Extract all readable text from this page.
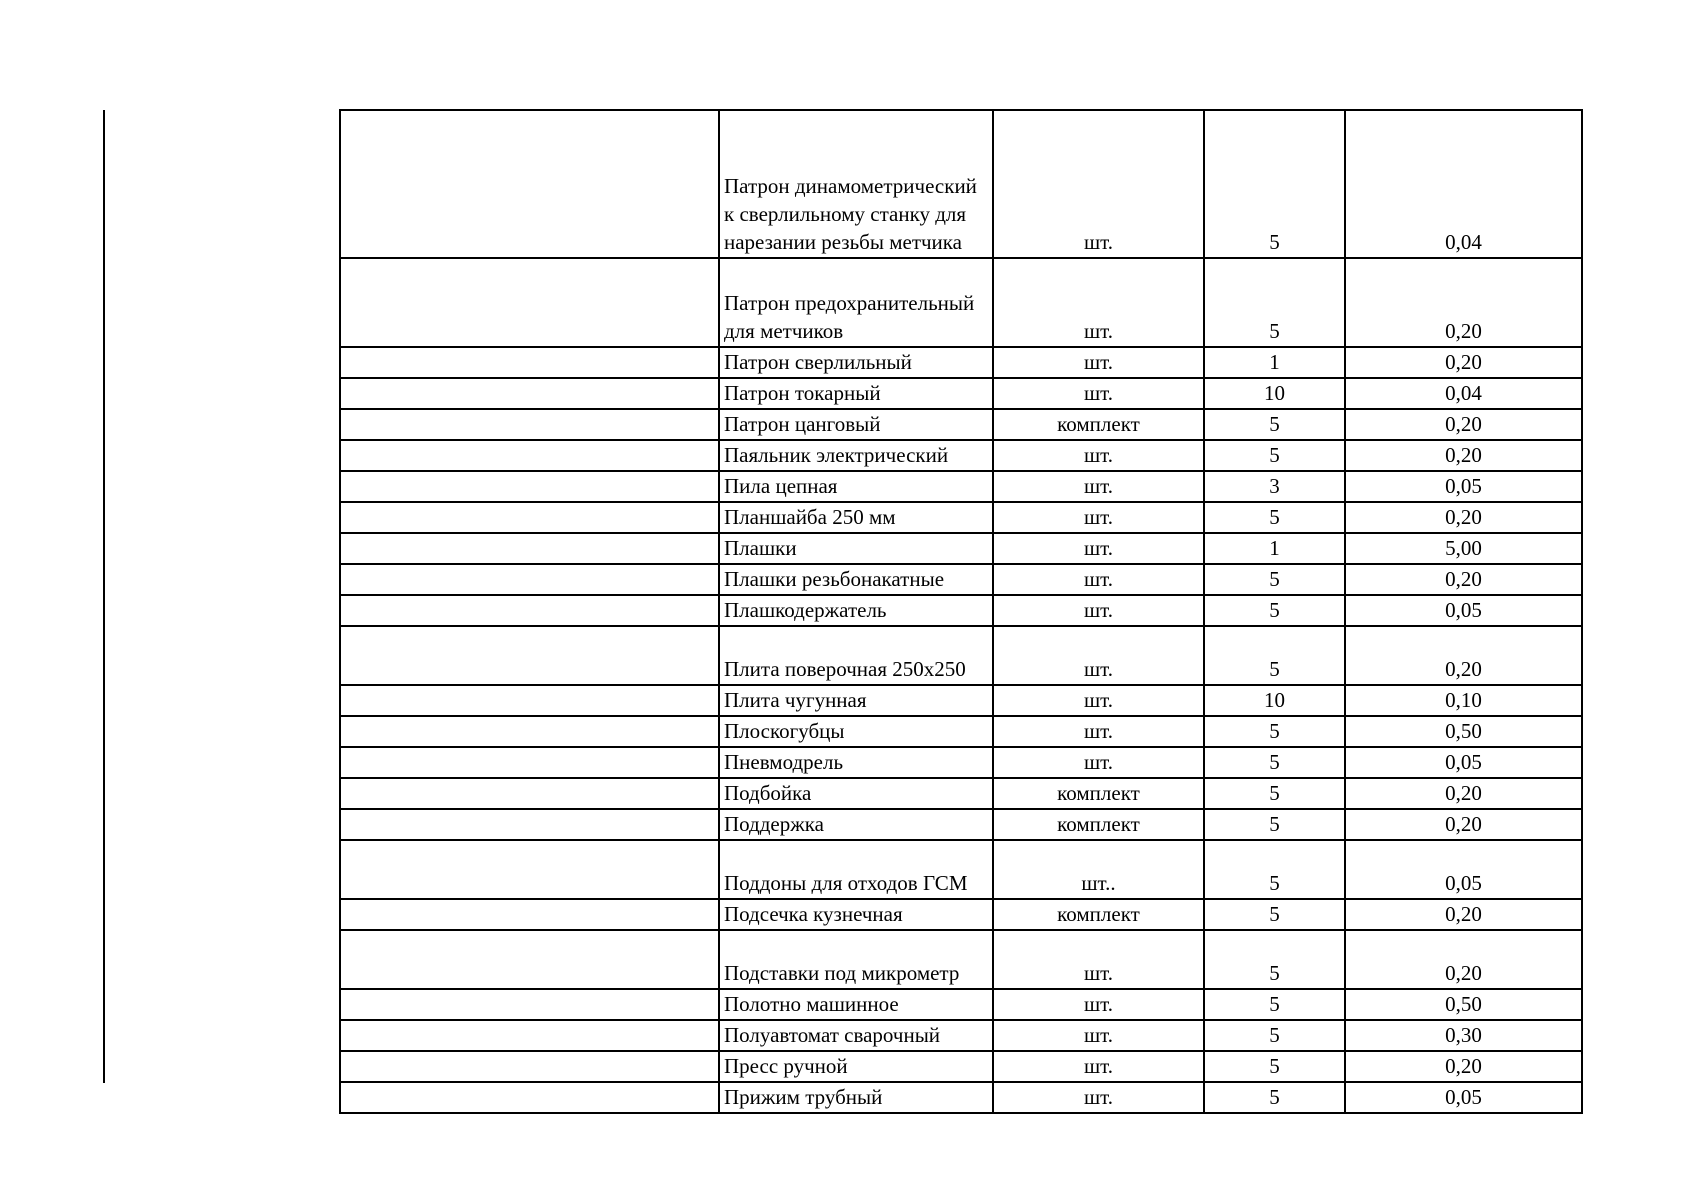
	Патрон динамометрический к сверлильному станку для нарезании резьбы метчика	шт.	5	0,04
	Патрон предохранительный для метчиков	шт.	5	0,20
	Патрон сверлильный	шт.	1	0,20
	Патрон токарный	шт.	10	0,04
	Патрон цанговый	комплект	5	0,20
	Паяльник электрический	шт.	5	0,20
	Пила цепная	шт.	3	0,05
	Планшайба 250 мм	шт.	5	0,20
	Плашки	шт.	1	5,00
	Плашки резьбонакатные	шт.	5	0,20
	Плашкодержатель	шт.	5	0,05
	Плита поверочная 250х250	шт.	5	0,20
	Плита чугунная	шт.	10	0,10
	Плоскогубцы	шт.	5	0,50
	Пневмодрель	шт.	5	0,05
	Подбойка	комплект	5	0,20
	Поддержка	комплект	5	0,20
	Поддоны для отходов ГСМ	шт..	5	0,05
	Подсечка кузнечная	комплект	5	0,20
	Подставки под микрометр	шт.	5	0,20
	Полотно машинное	шт.	5	0,50
	Полуавтомат сварочный	шт.	5	0,30
	Пресс ручной	шт.	5	0,20
	Прижим трубный	шт.	5	0,05
